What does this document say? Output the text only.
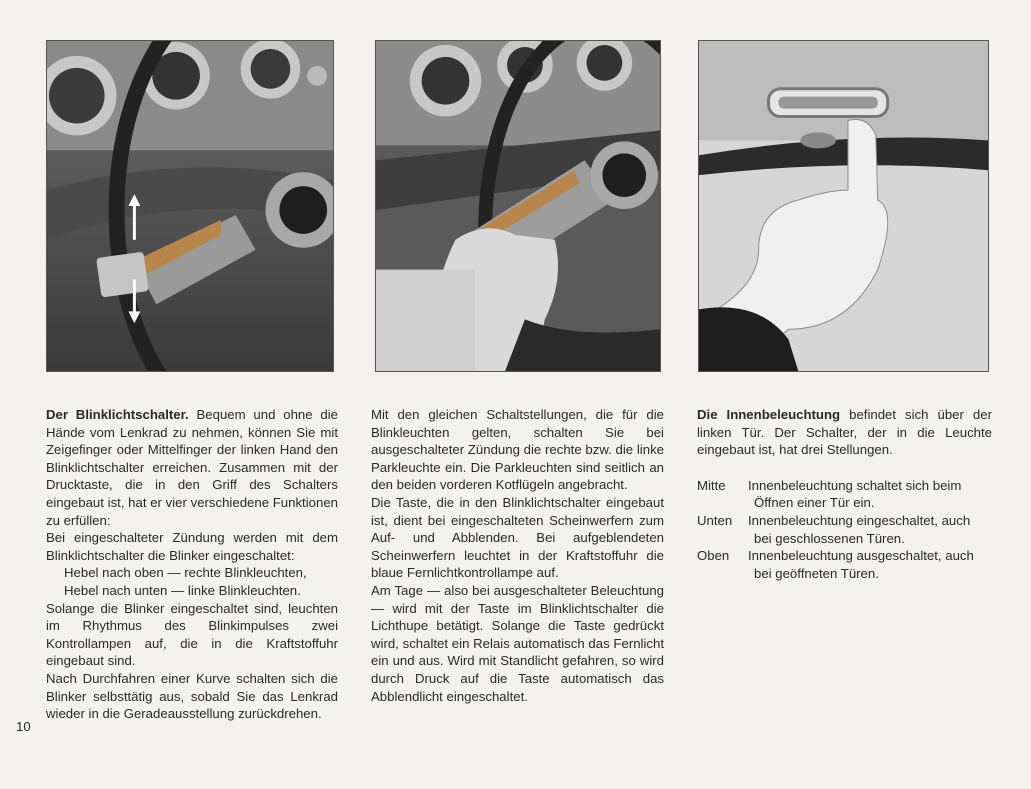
Der Blinklichtschalter. Bequem und ohne die Hände vom Lenkrad zu nehmen, können Sie mit Zeigefinger oder Mittelfinger der linken Hand den Blinklichtschalter erreichen. Zusammen mit der Drucktaste, die in den Griff des Schalters eingebaut ist, hat er vier verschiedene Funktionen zu erfüllen:

Bei eingeschalteter Zündung werden mit dem Blinklichtschalter die Blinker eingeschaltet:

Hebel nach oben — rechte Blinkleuchten,

Hebel nach unten — linke Blinkleuchten.

Solange die Blinker eingeschaltet sind, leuchten im Rhythmus des Blinkimpulses zwei Kontrollampen auf, die in die Kraftstoffuhr eingebaut sind.

Nach Durchfahren einer Kurve schalten sich die Blinker selbsttätig aus, sobald Sie das Lenkrad wieder in die Geradeausstellung zurückdrehen.

10

Mit den gleichen Schaltstellungen, die für die Blinkleuchten gelten, schalten Sie bei ausgeschalteter Zündung die rechte bzw. die linke Parkleuchte ein. Die Parkleuchten sind seitlich an den beiden vorderen Kotflügeln angebracht.

Die Taste, die in den Blinklichtschalter eingebaut ist, dient bei eingeschalteten Scheinwerfern zum Auf- und Abblenden. Bei aufgeblendeten Scheinwerfern leuchtet in der Kraftstoffuhr die blaue Fernlichtkontrollampe auf.

Am Tage — also bei ausgeschalteter Beleuchtung — wird mit der Taste im Blinklichtschalter die Lichthupe betätigt. Solange die Taste gedrückt wird, schaltet ein Relais automatisch das Fernlicht ein und aus. Wird mit Standlicht gefahren, so wird durch Druck auf die Taste automatisch das Abblendlicht eingeschaltet.

Die Innenbeleuchtung befindet sich über der linken Tür. Der Schalter, der in die Leuchte eingebaut ist, hat drei Stellungen.

Mitte	Innenbeleuchtung schaltet sich beim
Öffnen einer Tür ein.
Unten	Innenbeleuchtung eingeschaltet, auch
bei geschlossenen Türen.
Oben	Innenbeleuchtung ausgeschaltet, auch
bei geöffneten Türen.
